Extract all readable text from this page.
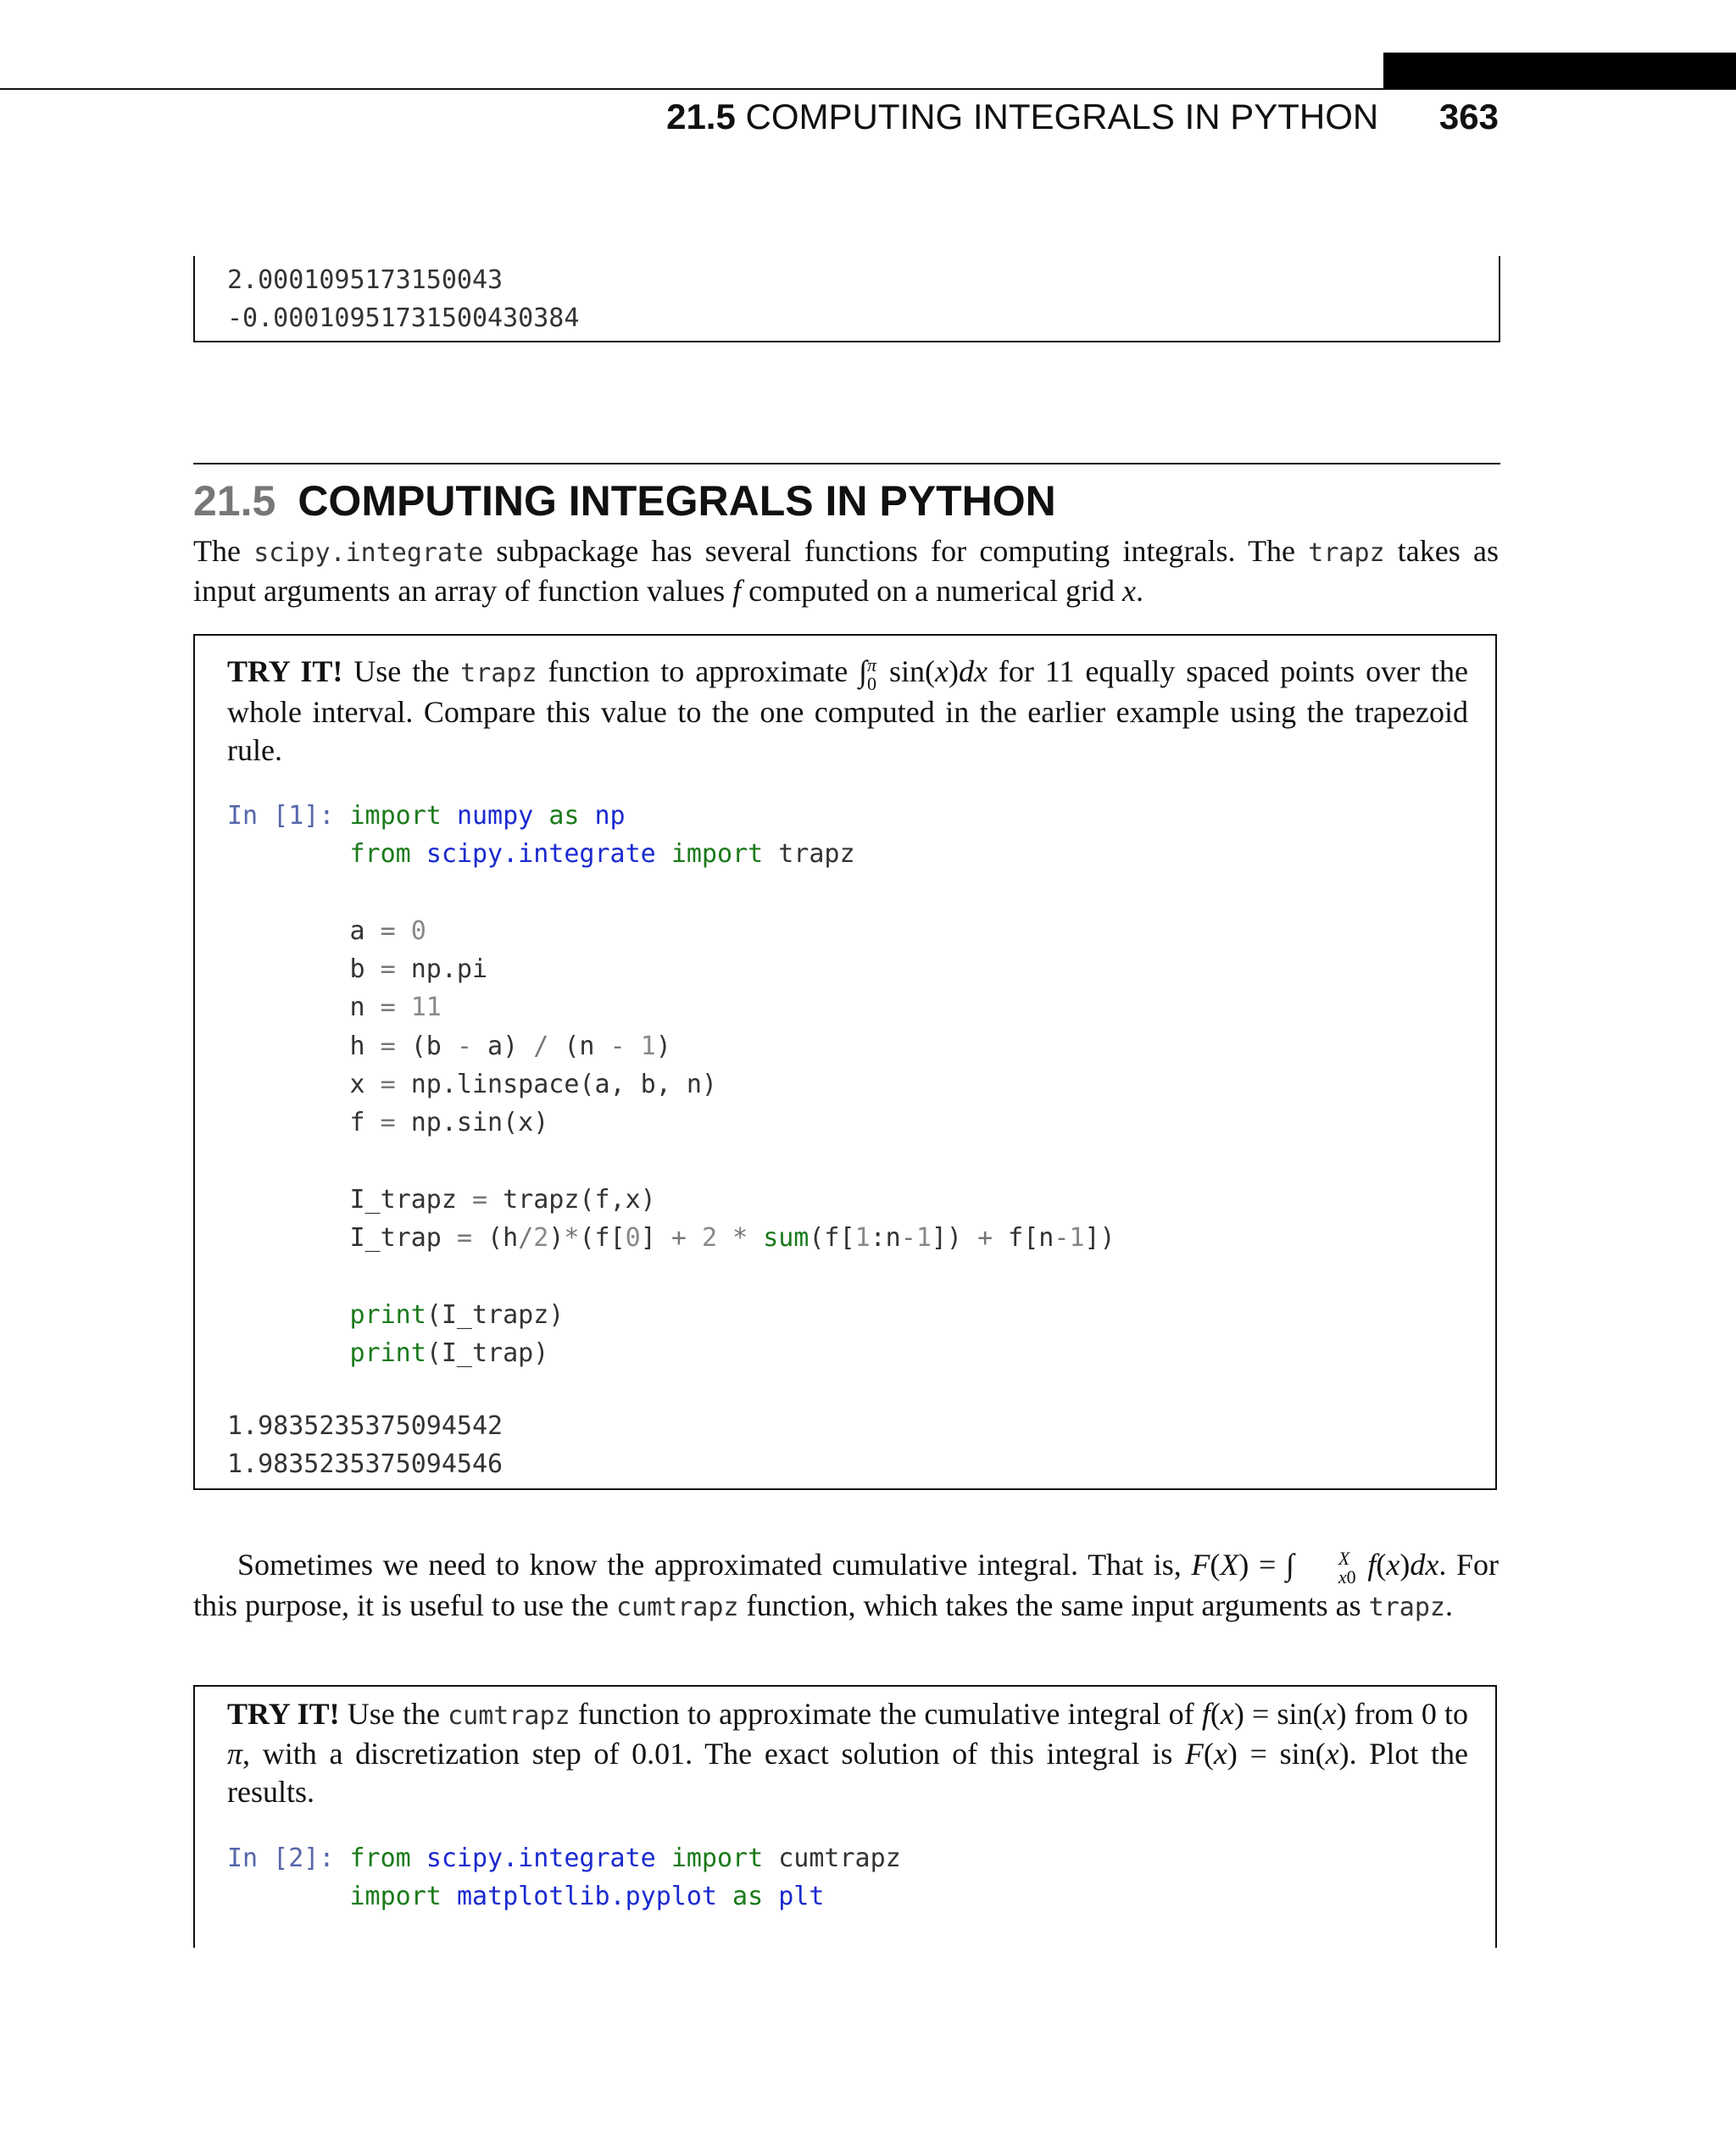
21.5 COMPUTING INTEGRALS IN PYTHON 363
2.0001095173150043
-0.00010951731500430384
21.5 COMPUTING INTEGRALS IN PYTHON
The scipy.integrate subpackage has several functions for computing integrals. The trapz takes as input arguments an array of function values f computed on a numerical grid x.
TRY IT! Use the trapz function to approximate ∫ π
0 sin(x)dx for 11 equally spaced points over the whole interval. Compare this value to the one computed in the earlier example using the trapezoid rule.
In [1]: import numpy as np
from scipy.integrate import trapz

a = 0
b = np.pi
n = 11
h = (b - a) / (n - 1)
x = np.linspace(a, b, n)
f = np.sin(x)

I_trapz = trapz(f,x)
I_trap = (h/2)*(f[0] + 2 * sum(f[1:n-1]) + f[n-1])

print(I_trapz)
print(I_trap)
1.9835235375094542
1.9835235375094546
Sometimes we need to know the approximated cumulative integral. That is, F(X) = ∫	X
x0 f(x)dx. For this purpose, it is useful to use the cumtrapz function, which takes the same input arguments as trapz.
TRY IT! Use the cumtrapz function to approximate the cumulative integral of f(x) = sin(x) from 0 to π, with a discretization step of 0.01. The exact solution of this integral is F(x) = sin(x). Plot the results.
In [2]: from scipy.integrate import cumtrapz
import matplotlib.pyplot as plt
